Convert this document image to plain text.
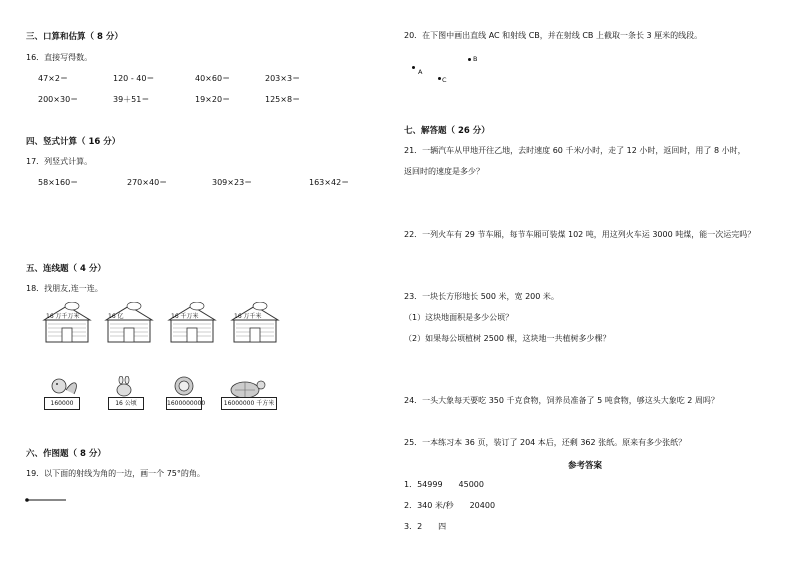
三、口算和估算（ 8 分）
16．直接写得数。
47×2＝	120 - 40＝	40×60＝	203×3＝
200×30＝	39＋51＝	19×20＝	125×8＝
四、竖式计算（ 16 分）
17．列竖式计算。
58×160＝	270×40＝	309×23＝	163×42＝
五、连线题（ 4 分）
18．找朋友,连一连。
16 万千万米	16 亿	16 千万米	16 万千米
160000	16 公顷	1600000000	16000000 千方米
六、作图题（ 8 分）
19．以下面的射线为角的一边，画一个 75°的角。
20．在下图中画出直线 AC 和射线 CB，并在射线 CB 上截取一条长 3 厘米的线段。
A
B
C
七、解答题（ 26 分）
21．一辆汽车从甲地开往乙地，去时速度 60 千米/小时，走了 12 小时，返回时，用了 8 小时，
返回时的速度是多少？
22．一列火车有 29 节车厢，每节车厢可装煤 102 吨，用这列火车运 3000 吨煤，能一次运完吗？
23．一块长方形地长 500 米，宽 200 米。
（1）这块地面积是多少公顷？
（2）如果每公顷植树 2500 棵，这块地一共植树多少棵？
24．一头大象每天要吃 350 千克食物，饲养员准备了 5 吨食物，够这头大象吃 2 周吗？
25．一本练习本 36 页，装订了 204 本后，还剩 362 张纸。原来有多少张纸？
参考答案
1．54999　　45000
2．340 米/秒　　20400
3．2　　四
